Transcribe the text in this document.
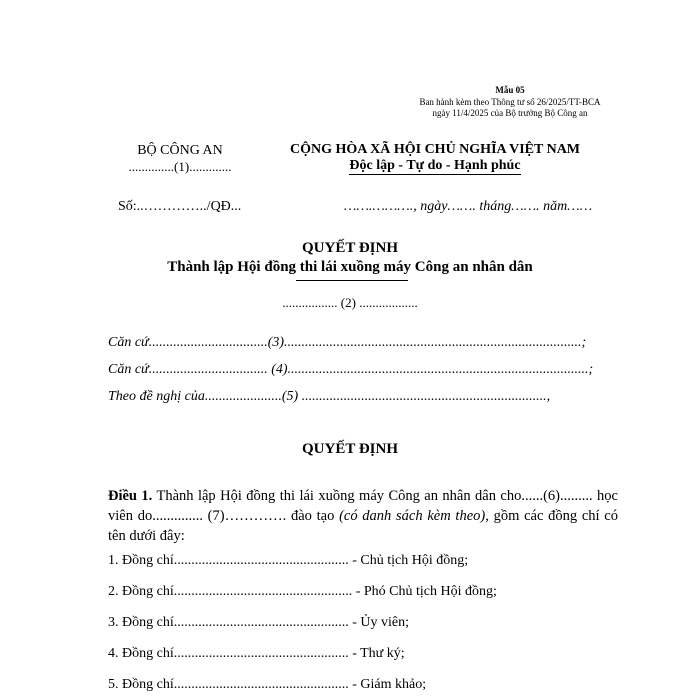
Mẫu 05
Ban hành kèm theo Thông tư số 26/2025/TT-BCA
ngày 11/4/2025 của Bộ trưởng Bộ Công an
BỘ CÔNG AN
..............(1).............
CỘNG HÒA XÃ HỘI CHỦ NGHĨA VIỆT NAM
Độc lập - Tự do - Hạnh phúc
Số:..…………../QĐ...	…….………., ngày……. tháng……. năm……
QUYẾT ĐỊNH
Thành lập Hội đồng thi lái xuồng máy Công an nhân dân
................. (2) ..................
Căn cứ..................................(3).....................................................................................;
Căn cứ.................................. (4)......................................................................................;
Theo đề nghị của......................(5) ......................................................................,
QUYẾT ĐỊNH
Điều 1. Thành lập Hội đồng thi lái xuồng máy Công an nhân dân cho......(6)......... học viên do.............. (7)…………. đào tạo (có danh sách kèm theo), gồm các đồng chí có tên dưới đây:
1. Đồng chí.................................................. - Chủ tịch Hội đồng;
2. Đồng chí................................................... - Phó Chủ tịch Hội đồng;
3. Đồng chí.................................................. - Ủy viên;
4. Đồng chí.................................................. - Thư ký;
5. Đồng chí.................................................. - Giám khảo;
